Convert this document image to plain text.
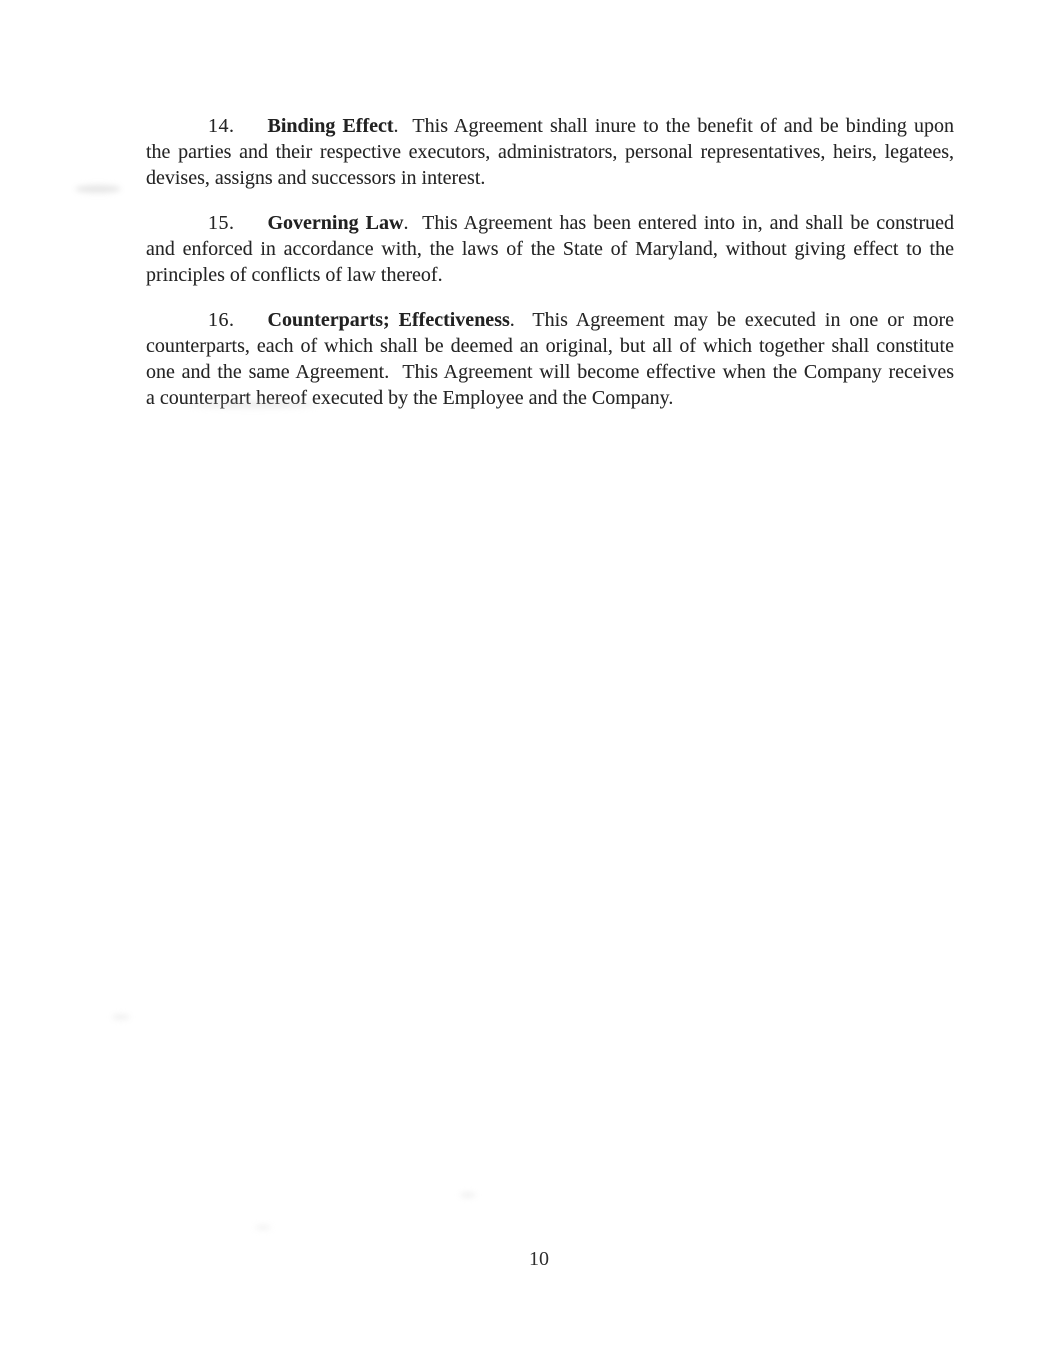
14. Binding Effect.  This Agreement shall inure to the benefit of and be binding upon
the parties and their respective executors, administrators, personal representatives, heirs, legatees,
devises, assigns and successors in interest.
15. Governing Law.  This Agreement has been entered into in, and shall be construed
and enforced in accordance with, the laws of the State of Maryland, without giving effect to the
principles of conflicts of law thereof.
16. Counterparts; Effectiveness.  This Agreement may be executed in one or more
counterparts, each of which shall be deemed an original, but all of which together shall constitute
one and the same Agreement.  This Agreement will become effective when the Company receives
a counterpart hereof executed by the Employee and the Company.
10
